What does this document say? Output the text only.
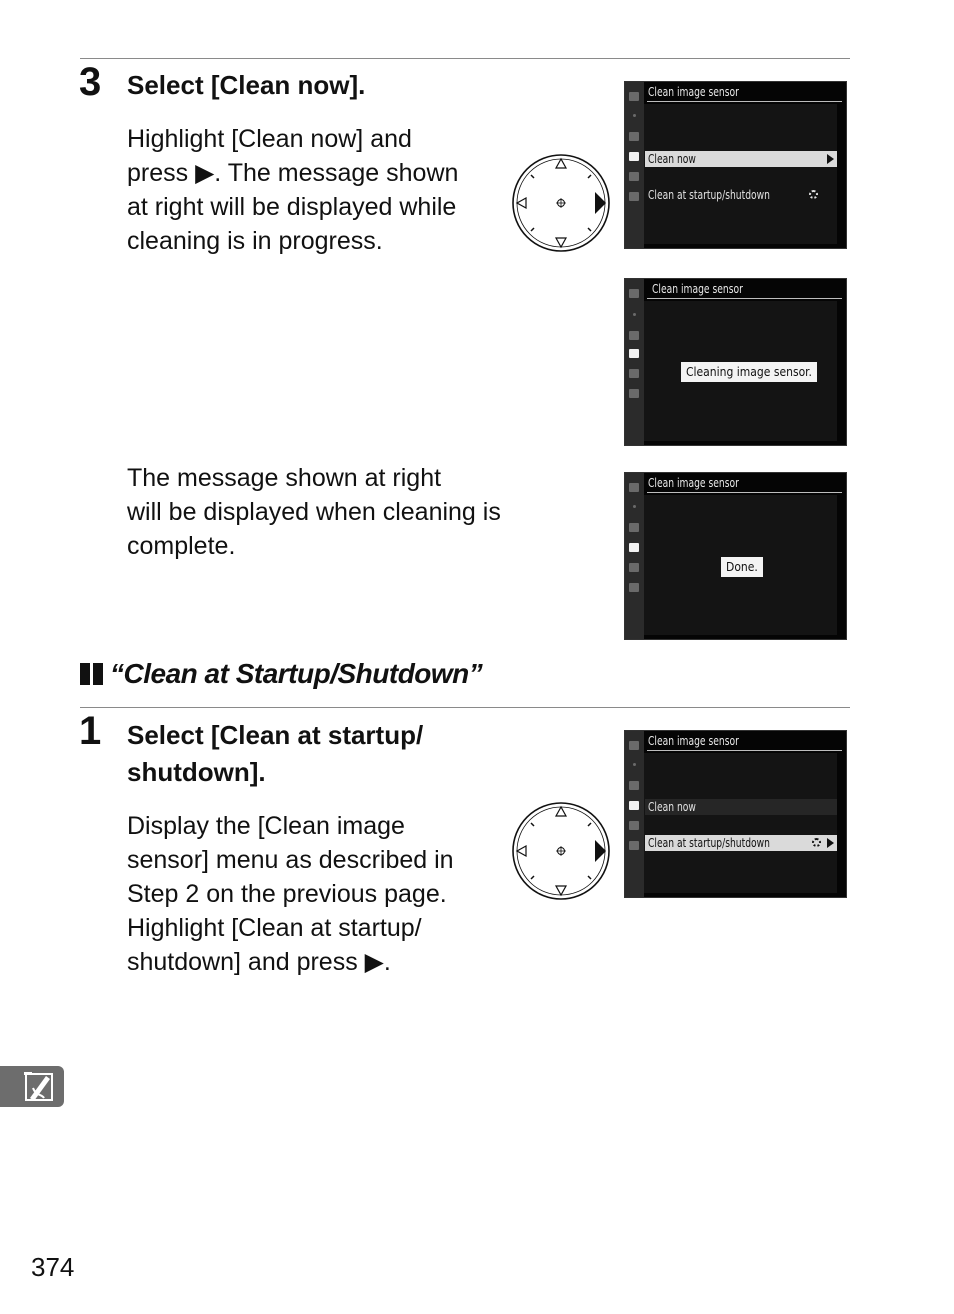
3 Select [Clean now].
Highlight [Clean now] and
press ▶. The message shown
at right will be displayed while
cleaning is in progress.
Clean image sensor
Clean now
Clean at startup/shutdown
Clean image sensor
Cleaning image sensor.
The message shown at right
will be displayed when cleaning is
complete.
Clean image sensor
Done.
“Clean at Startup/Shutdown”
1 Select [Clean at startup/
shutdown].
Display the [Clean image
sensor] menu as described in
Step 2 on the previous page.
Highlight [Clean at startup/
shutdown] and press ▶.
Clean image sensor
Clean now
Clean at startup/shutdown
374
